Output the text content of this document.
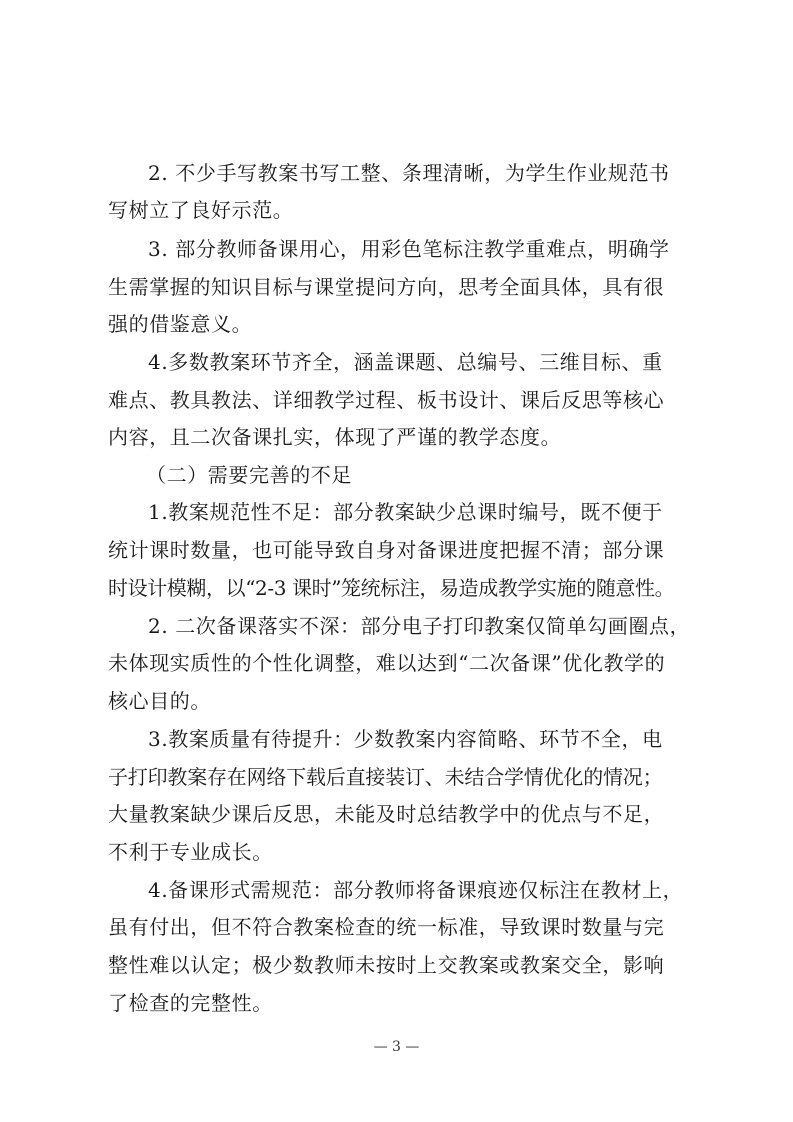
2. 不少手写教案书写工整、条理清晰，为学生作业规范书
写树立了良好示范。
3. 部分教师备课用心，用彩色笔标注教学重难点，明确学
生需掌握的知识目标与课堂提问方向，思考全面具体，具有很
强的借鉴意义。
4.多数教案环节齐全，涵盖课题、总编号、三维目标、重
难点、教具教法、详细教学过程、板书设计、课后反思等核心
内容，且二次备课扎实，体现了严谨的教学态度。
（二）需要完善的不足
1.教案规范性不足：部分教案缺少总课时编号，既不便于
统计课时数量，也可能导致自身对备课进度把握不清；部分课
时设计模糊，以“2-3 课时”笼统标注，易造成教学实施的随意性。
2. 二次备课落实不深：部分电子打印教案仅简单勾画圈点，
未体现实质性的个性化调整，难以达到“二次备课”优化教学的
核心目的。
3.教案质量有待提升：少数教案内容简略、环节不全，电
子打印教案存在网络下载后直接装订、未结合学情优化的情况；
大量教案缺少课后反思，未能及时总结教学中的优点与不足，
不利于专业成长。
4.备课形式需规范：部分教师将备课痕迹仅标注在教材上，
虽有付出，但不符合教案检查的统一标准，导致课时数量与完
整性难以认定；极少数教师未按时上交教案或教案交全，影响
了检查的完整性。
— 3 —
